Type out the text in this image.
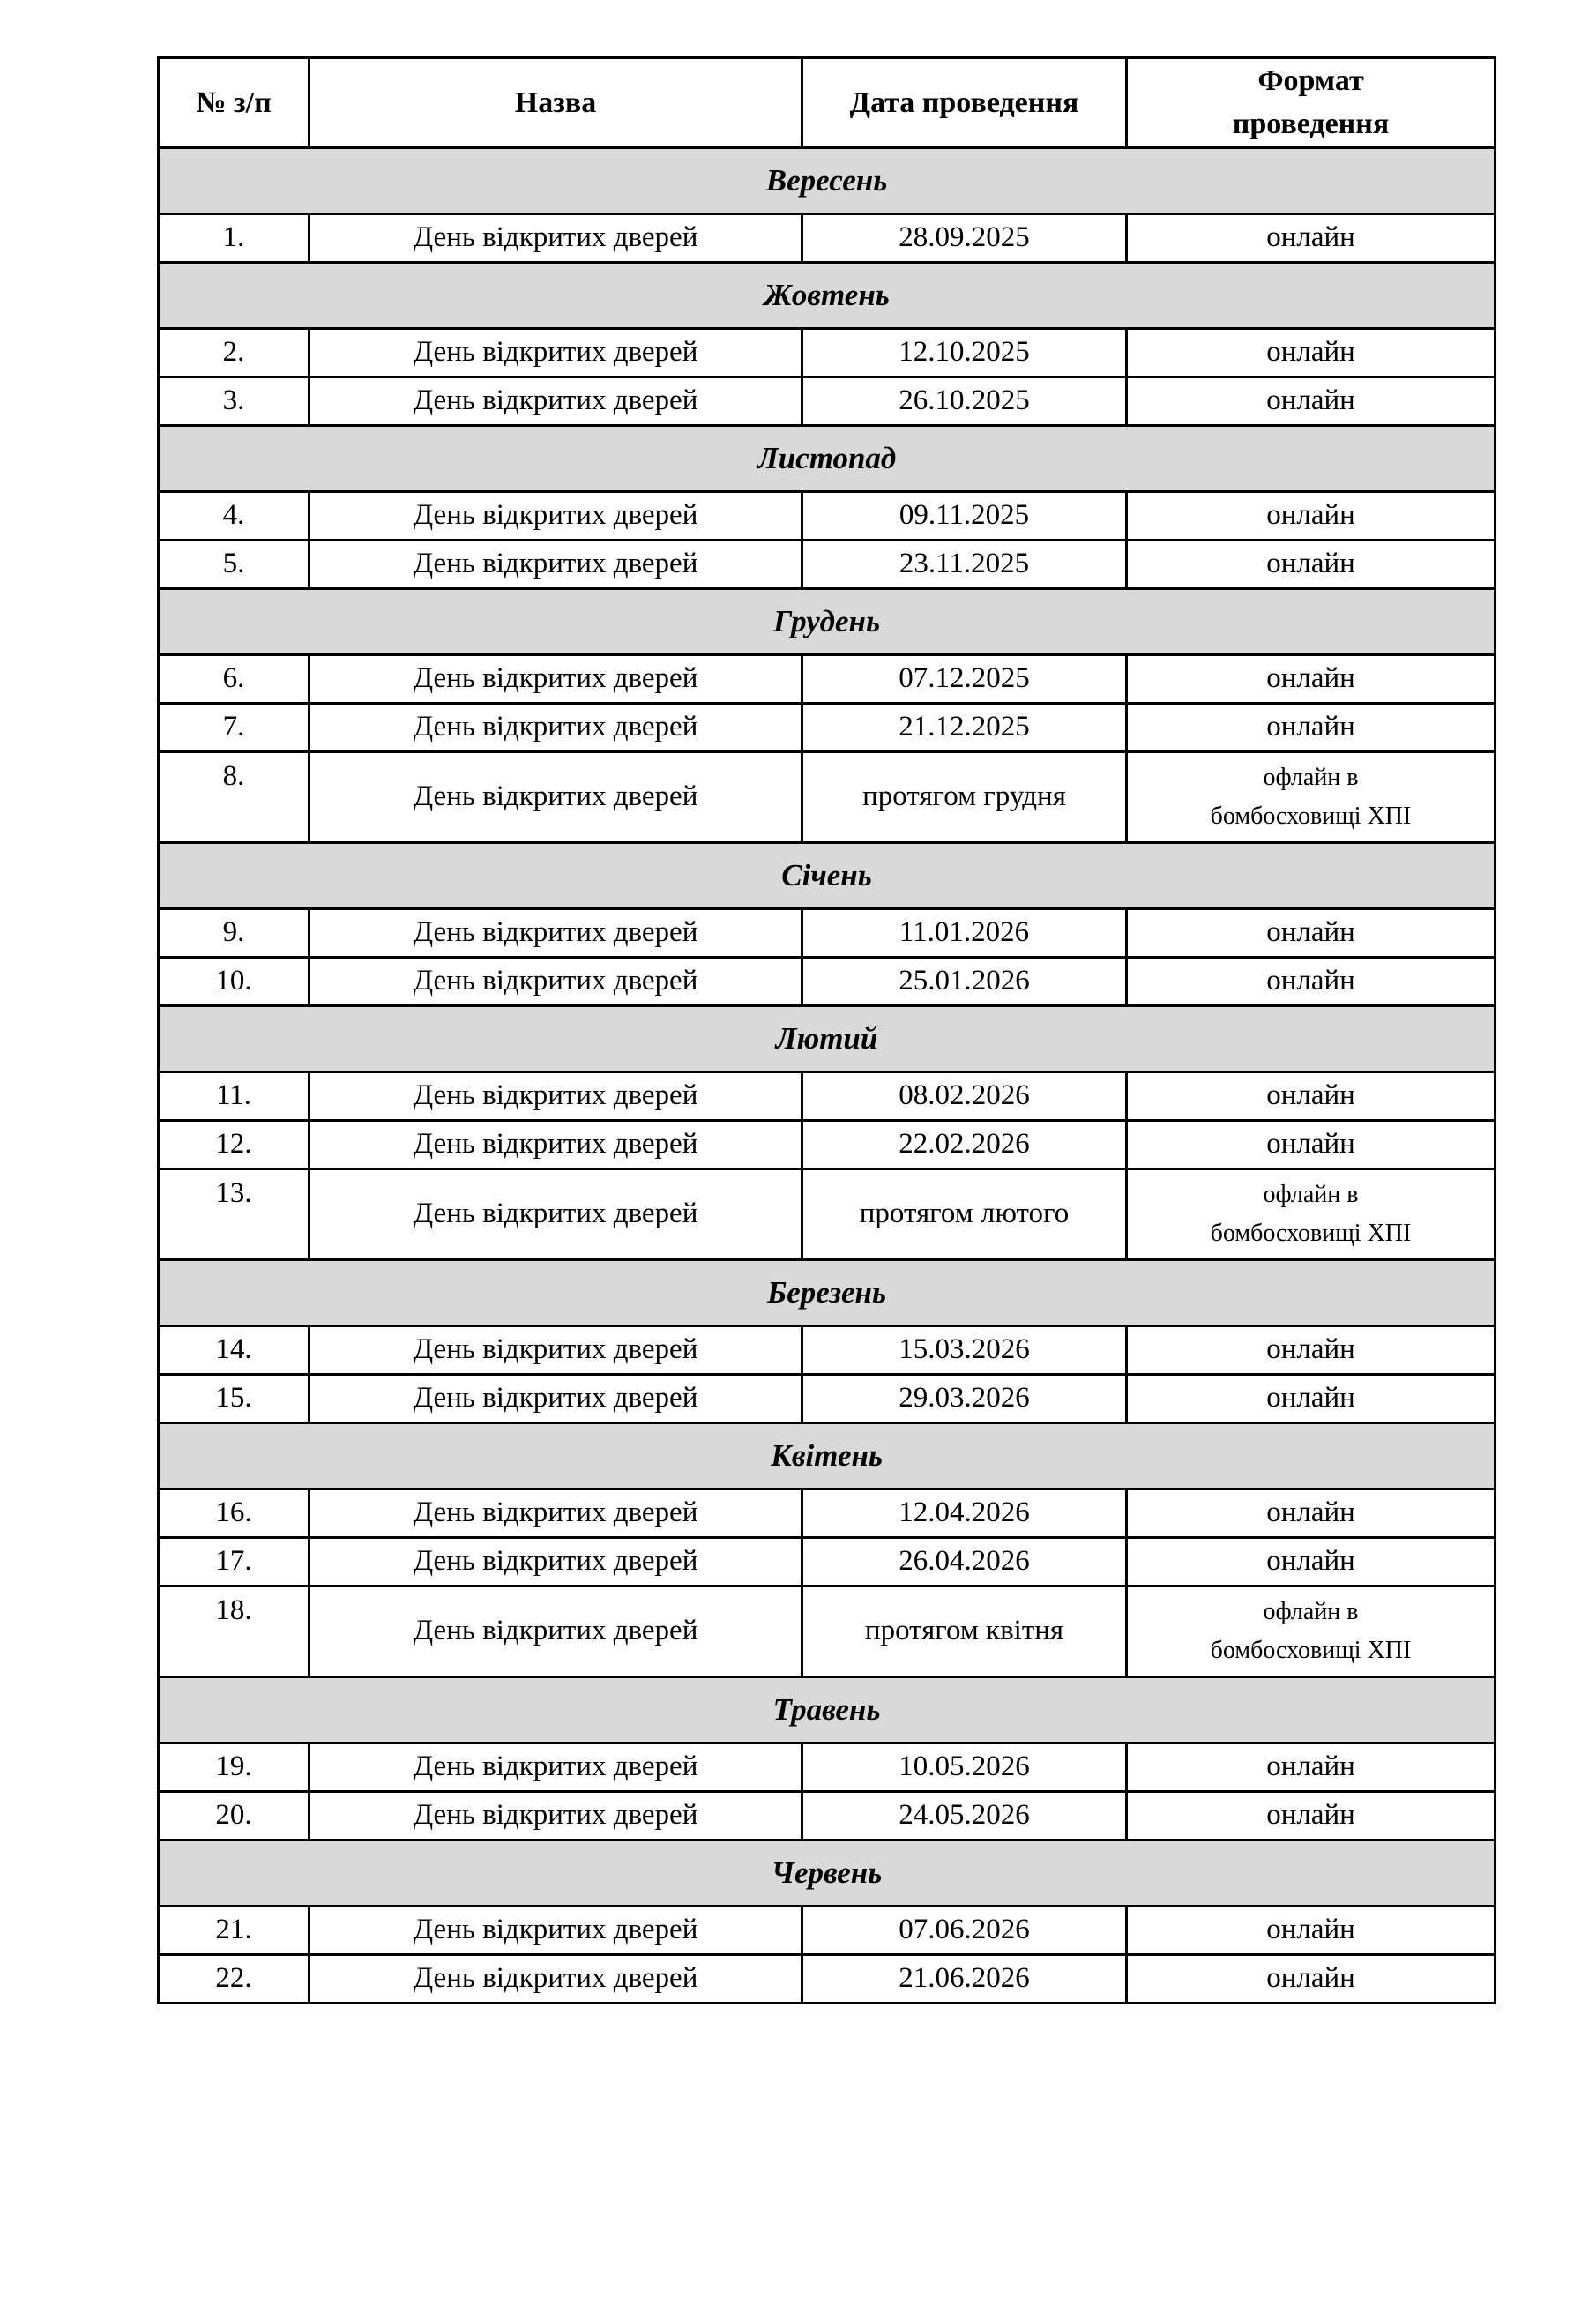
№ з/п	Назва	Дата проведення	Формат проведення
Вересень			
1.	День відкритих дверей	28.09.2025	онлайн
Жовтень			
2.	День відкритих дверей	12.10.2025	онлайн
3.	День відкритих дверей	26.10.2025	онлайн
Листопад			
4.	День відкритих дверей	09.11.2025	онлайн
5.	День відкритих дверей	23.11.2025	онлайн
Грудень			
6.	День відкритих дверей	07.12.2025	онлайн
7.	День відкритих дверей	21.12.2025	онлайн
8.	День відкритих дверей	протягом грудня	офлайн в бомбосховищі ХПІ
Січень			
9.	День відкритих дверей	11.01.2026	онлайн
10.	День відкритих дверей	25.01.2026	онлайн
Лютий			
11.	День відкритих дверей	08.02.2026	онлайн
12.	День відкритих дверей	22.02.2026	онлайн
13.	День відкритих дверей	протягом лютого	офлайн в бомбосховищі ХПІ
Березень			
14.	День відкритих дверей	15.03.2026	онлайн
15.	День відкритих дверей	29.03.2026	онлайн
Квітень			
16.	День відкритих дверей	12.04.2026	онлайн
17.	День відкритих дверей	26.04.2026	онлайн
18.	День відкритих дверей	протягом квітня	офлайн в бомбосховищі ХПІ
Травень			
19.	День відкритих дверей	10.05.2026	онлайн
20.	День відкритих дверей	24.05.2026	онлайн
Червень			
21.	День відкритих дверей	07.06.2026	онлайн
22.	День відкритих дверей	21.06.2026	онлайн
